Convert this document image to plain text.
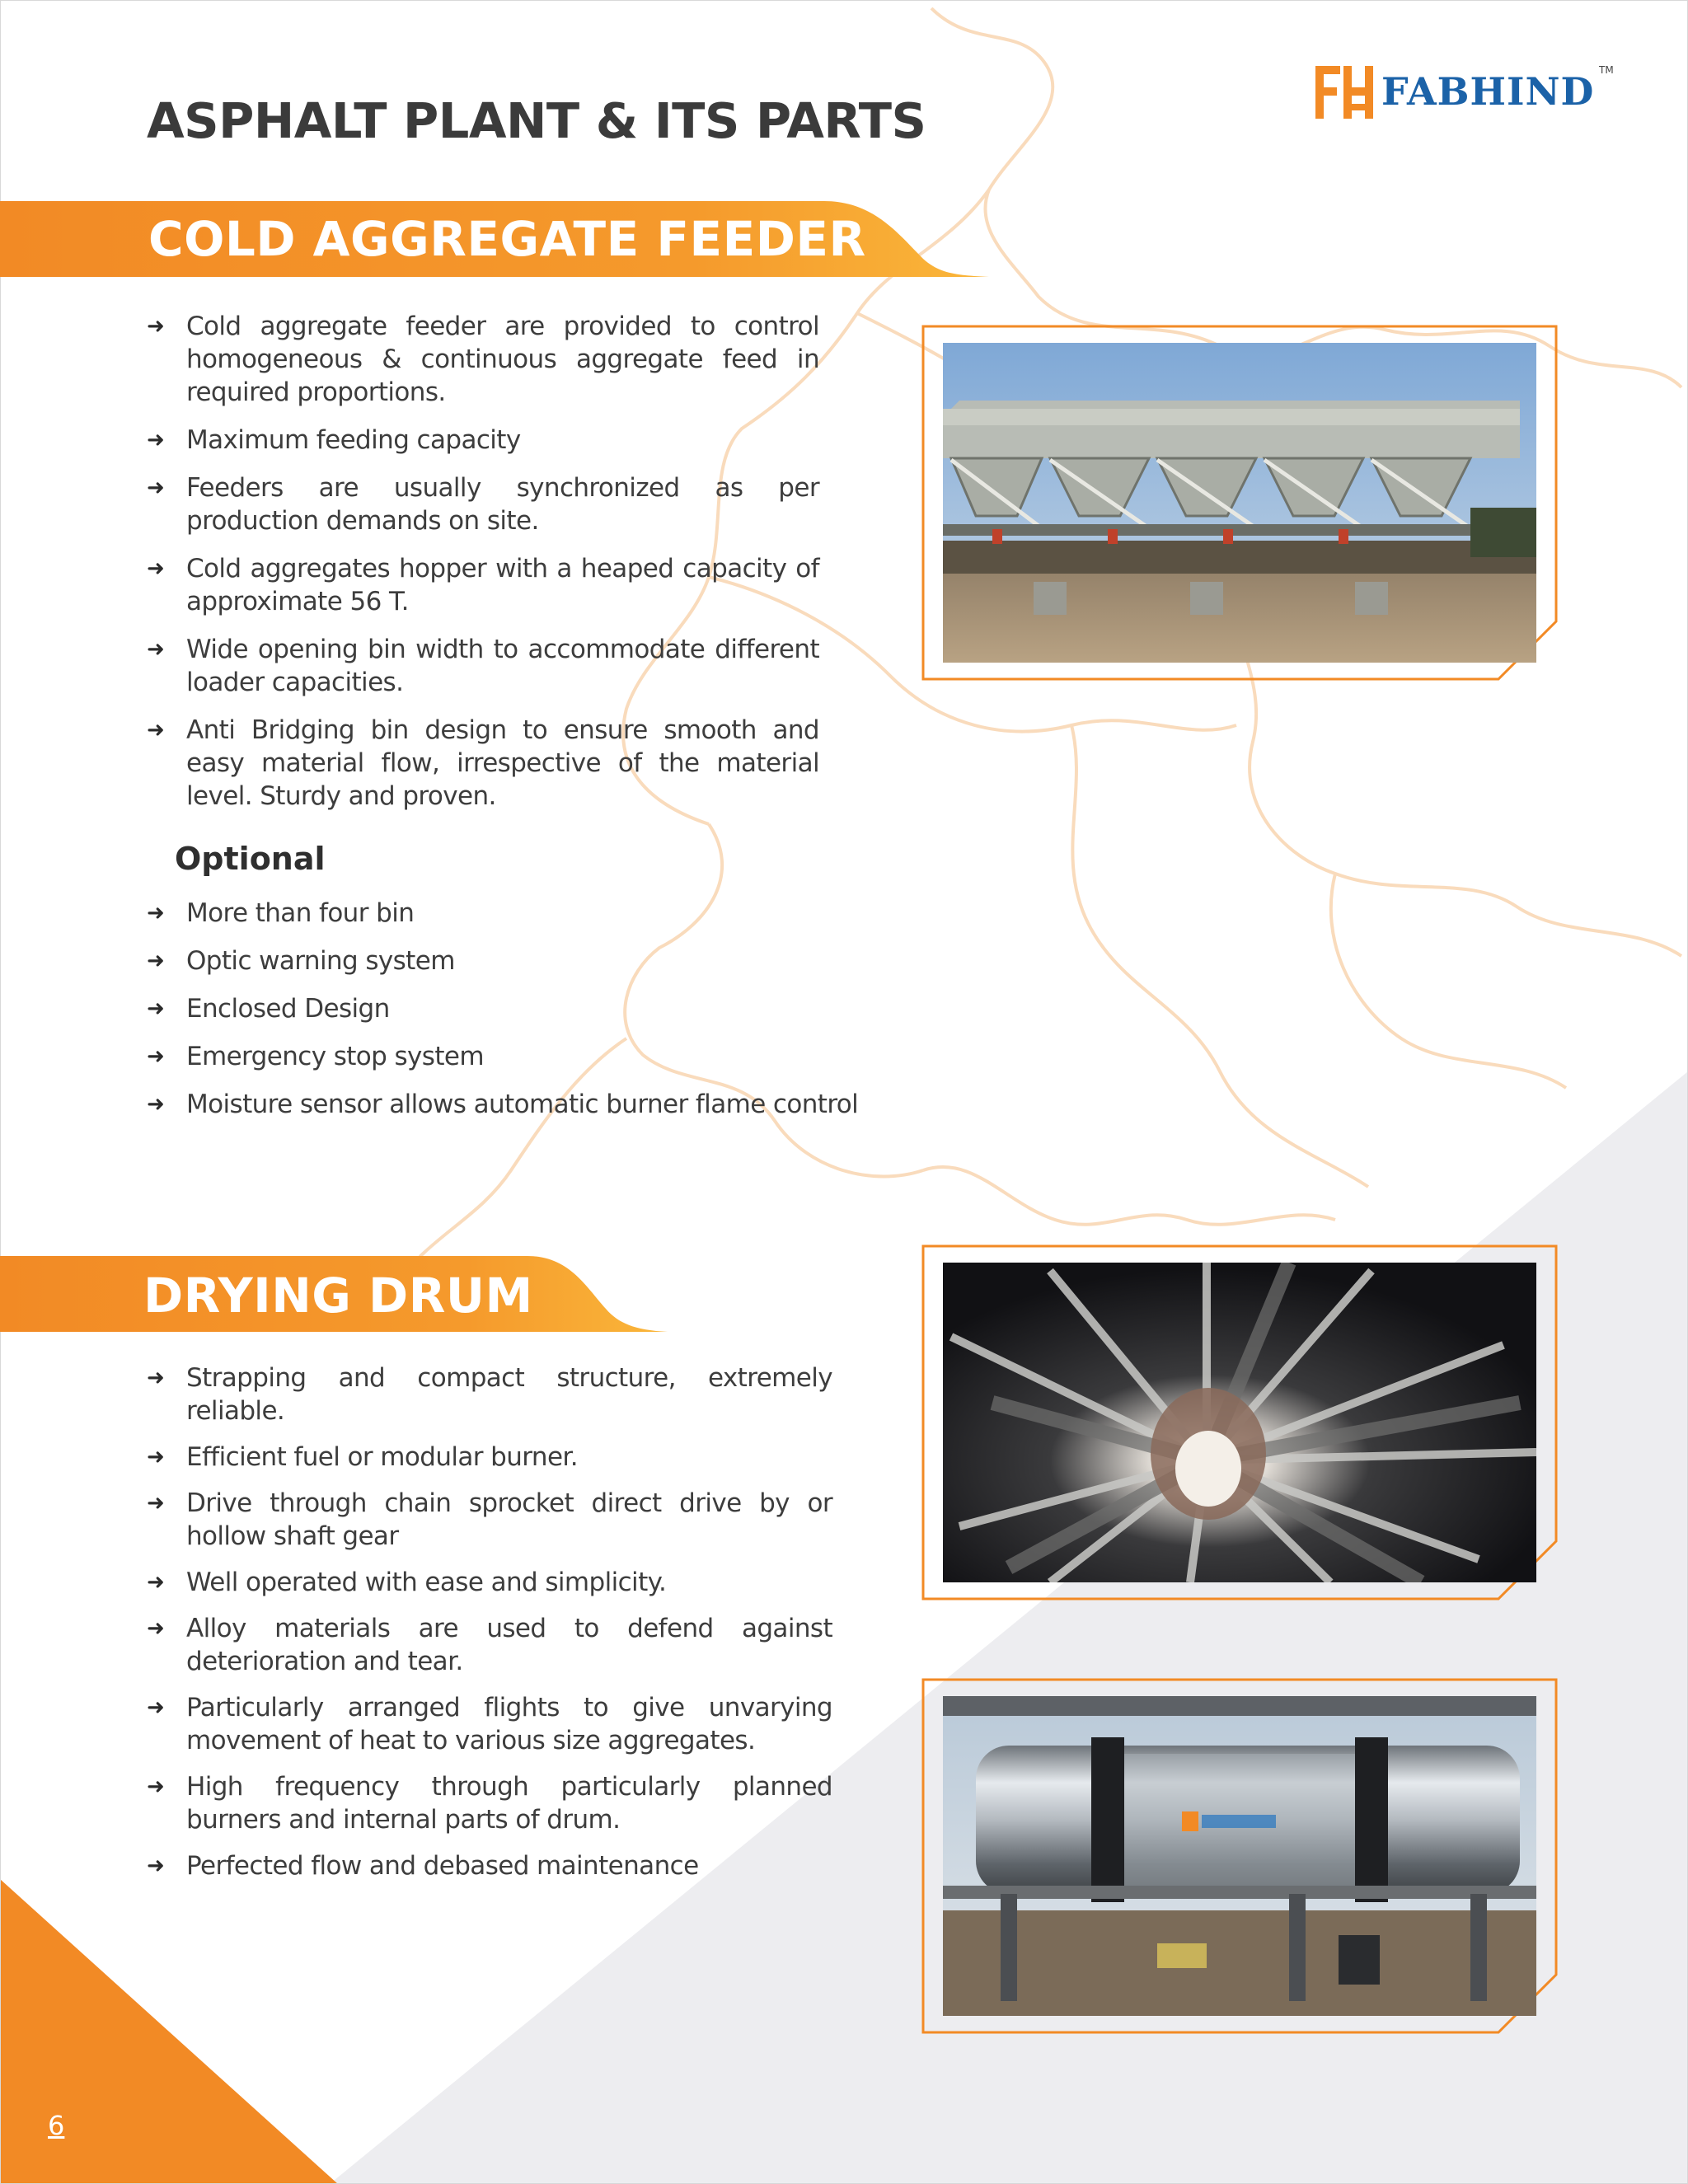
ASPHALT PLANT & ITS PARTS
FABHIND TM
COLD AGGREGATE FEEDER
➜ Cold aggregate feeder are provided to control homogeneous & continuous aggregate feed in required proportions.
➜ Maximum feeding capacity
➜ Feeders are usually synchronized as per production demands on site.
➜ Cold aggregates hopper with a heaped capacity of approximate 56 T.
➜ Wide opening bin width to accommodate different loader capacities.
➜ Anti Bridging bin design to ensure smooth and easy material flow, irrespective of the material level. Sturdy and proven.
Optional
➜ More than four bin
➜ Optic warning system
➜ Enclosed Design
➜ Emergency stop system
➜ Moisture sensor allows automatic burner flame control
DRYING DRUM
➜ Strapping and compact structure, extremely reliable.
➜ Efficient fuel or modular burner.
➜ Drive through chain sprocket direct drive by or hollow shaft gear
➜ Well operated with ease and simplicity.
➜ Alloy materials are used to defend against deterioration and tear.
➜ Particularly arranged flights to give unvarying movement of heat to various size aggregates.
➜ High frequency through particularly planned burners and internal parts of drum.
➜ Perfected flow and debased maintenance
6
